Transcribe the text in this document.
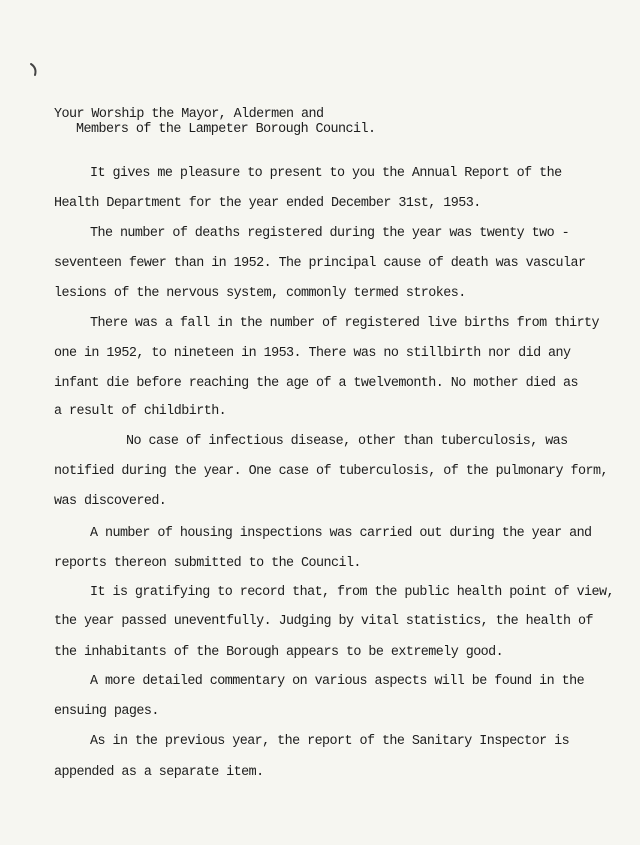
Your Worship the Mayor, Aldermen and
Members of the Lampeter Borough Council.
It gives me pleasure to present to you the Annual Report of the
Health Department for the year ended December 31st, 1953.
The number of deaths registered during the year was twenty two -
seventeen fewer than in 1952. The principal cause of death was vascular
lesions of the nervous system, commonly termed strokes.
There was a fall in the number of registered live births from thirty
one in 1952, to nineteen in 1953. There was no stillbirth nor did any
infant die before reaching the age of a twelvemonth. No mother died as
a result of childbirth.
No case of infectious disease, other than tuberculosis, was
notified during the year. One case of tuberculosis, of the pulmonary form,
was discovered.
A number of housing inspections was carried out during the year and
reports thereon submitted to the Council.
It is gratifying to record that, from the public health point of view,
the year passed uneventfully. Judging by vital statistics, the health of
the inhabitants of the Borough appears to be extremely good.
A more detailed commentary on various aspects will be found in the
ensuing pages.
As in the previous year, the report of the Sanitary Inspector is
appended as a separate item.
